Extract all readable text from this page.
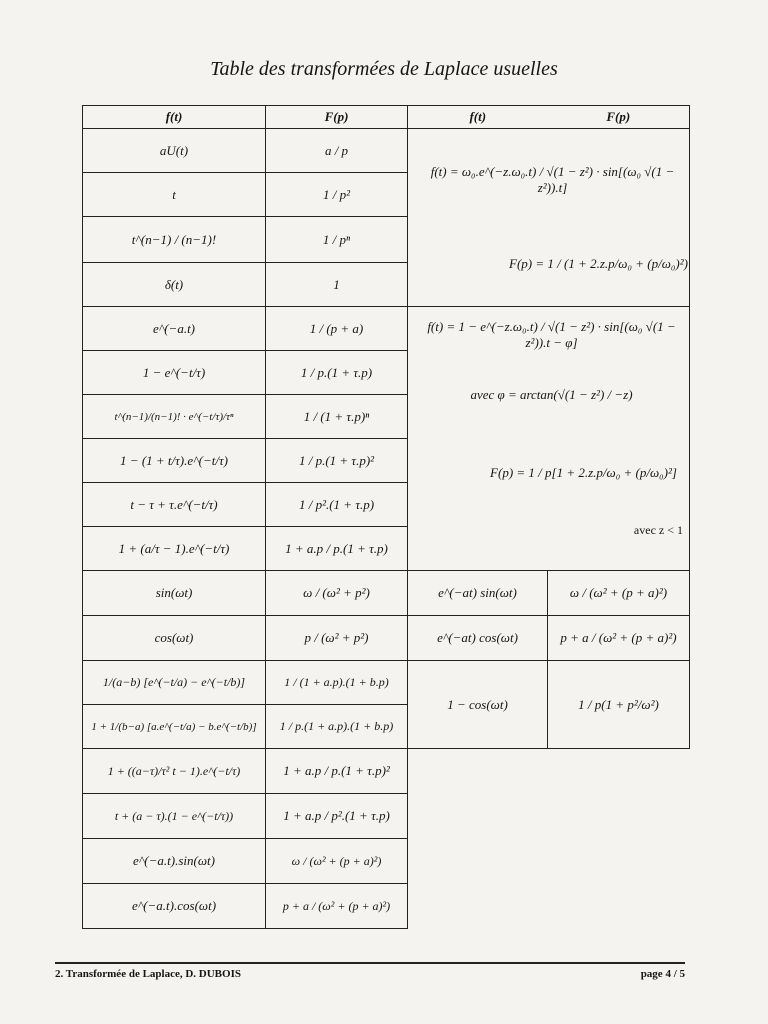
Table des transformées de Laplace usuelles
f(t)	F(p)	f(t)	F(p)
aU(t)	a / p	f(t) = ω₀.e^(−z.ω₀.t) / √(1 − z²) · sin[(ω₀ √(1 − z²)).t]
F(p) = 1 / (1 + 2.z.p/ω₀ + (p/ω₀)²)	

t	1 / p²		
t^(n−1) / (n−1)!	1 / pⁿ		
δ(t)	1		
e^(−a.t)	1 / (p + a)	f(t) = 1 − e^(−z.ω₀.t) / √(1 − z²) · sin[(ω₀ √(1 − z²)).t − φ]
avec φ = arctan(√(1 − z²) / −z)
F(p) = 1 / p[1 + 2.z.p/ω₀ + (p/ω₀)²]
avec z < 1	

1 − e^(−t/τ)	1 / p.(1 + τ.p)		
t^(n−1)/(n−1)! · e^(−t/τ)/τⁿ	1 / (1 + τ.p)ⁿ		
1 − (1 + t/τ).e^(−t/τ)	1 / p.(1 + τ.p)²		
t − τ + τ.e^(−t/τ)	1 / p².(1 + τ.p)		
1 + (a/τ − 1).e^(−t/τ)	1 + a.p / p.(1 + τ.p)		
sin(ωt)	ω / (ω² + p²)	e^(−at) sin(ωt)	ω / (ω² + (p + a)²)
cos(ωt)	p / (ω² + p²)	e^(−at) cos(ωt)	p + a / (ω² + (p + a)²)
1/(a−b) [e^(−t/a) − e^(−t/b)]	1 / (1 + a.p).(1 + b.p)	1 − cos(ωt)	1 / p(1 + p²/ω²)
1 + 1/(b−a) [a.e^(−t/a) − b.e^(−t/b)]	1 / p.(1 + a.p).(1 + b.p)		
1 + ((a−τ)/τ² t − 1).e^(−t/τ)	1 + a.p / p.(1 + τ.p)²		
t + (a − τ).(1 − e^(−t/τ))	1 + a.p / p².(1 + τ.p)		
e^(−a.t).sin(ωt)	ω / (ω² + (p + a)²)		
e^(−a.t).cos(ωt)	p + a / (ω² + (p + a)²)		
2. Transformée de Laplace, D. DUBOIS	page 4 / 5
